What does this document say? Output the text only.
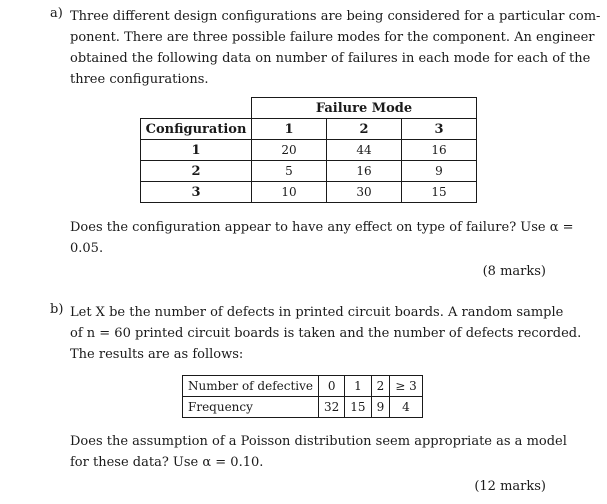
a) Three different design configurations are being considered for a particular com-
ponent. There are three possible failure modes for the component. An engineer
obtained the following data on number of failures in each mode for each of the
three configurations.
	Failure Mode		
Configuration	1	2	3
1	20	44	16
2	5	16	9
3	10	30	15
Does the configuration appear to have any effect on type of failure? Use α =
0.05.
(8 marks)
b) Let X be the number of defects in printed circuit boards. A random sample
of n = 60 printed circuit boards is taken and the number of defects recorded.
The results are as follows:
Number of defective	0	1	2	≥ 3
Frequency	32	15	9	4
Does the assumption of a Poisson distribution seem appropriate as a model
for these data? Use α = 0.10.
(12 marks)
